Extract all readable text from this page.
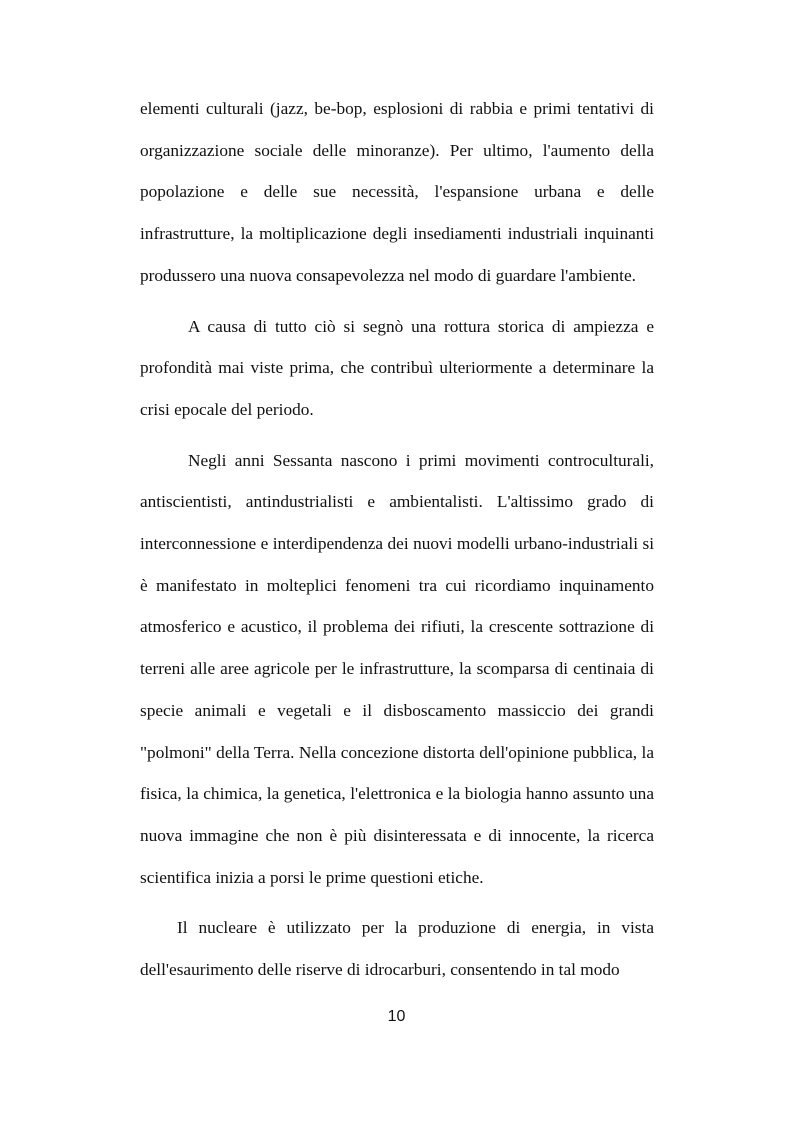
elementi culturali (jazz, be-bop, esplosioni di rabbia e primi tentativi di organizzazione sociale delle minoranze). Per ultimo, l'aumento della popolazione e delle sue necessità, l'espansione urbana e delle infrastrutture, la moltiplicazione degli insediamenti industriali inquinanti produssero una nuova consapevolezza nel modo di guardare l'ambiente.

A causa di tutto ciò si segnò una rottura storica di ampiezza e profondità mai viste prima, che contribuì ulteriormente a determinare la crisi epocale del periodo.

Negli anni Sessanta nascono i primi movimenti controculturali, antiscientisti, antindustrialisti e ambientalisti. L'altissimo grado di interconnessione e interdipendenza dei nuovi modelli urbano-industriali si è manifestato in molteplici fenomeni tra cui ricordiamo inquinamento atmosferico e acustico, il problema dei rifiuti, la crescente sottrazione di terreni alle aree agricole per le infrastrutture, la scomparsa di centinaia di specie animali e vegetali e il disboscamento massiccio dei grandi "polmoni" della Terra. Nella concezione distorta dell'opinione pubblica, la fisica, la chimica, la genetica, l'elettronica e la biologia hanno assunto una nuova immagine che non è più disinteressata e di innocente, la ricerca scientifica inizia a porsi le prime questioni etiche.

Il nucleare è utilizzato per la produzione di energia, in vista dell'esaurimento delle riserve di idrocarburi, consentendo in tal modo

10
